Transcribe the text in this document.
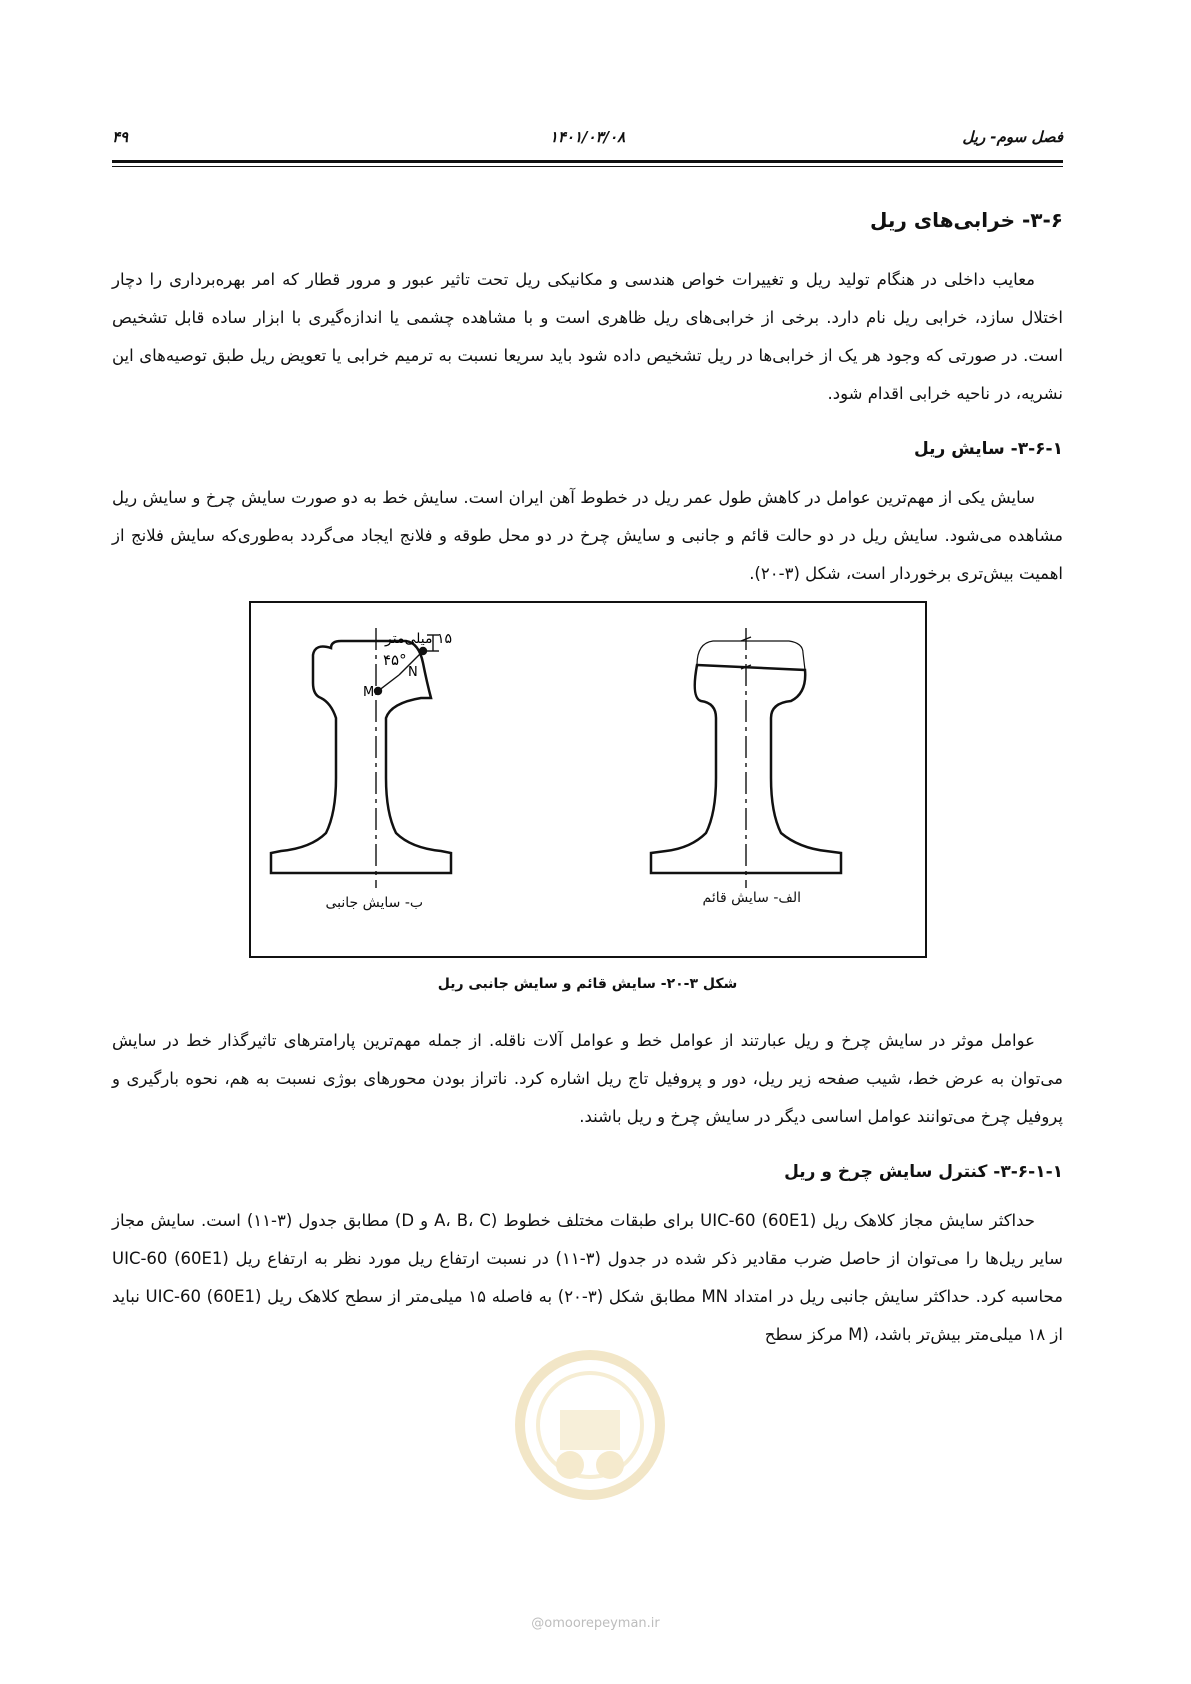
فصل سوم- ریل
۱۴۰۱/۰۳/۰۸
۴۹
۳-۶- خرابی‌های ریل

معایب داخلی در هنگام تولید ریل و تغییرات خواص هندسی و مکانیکی ریل تحت تاثیر عبور و مرور قطار که امر بهره‌برداری را دچار اختلال سازد، خرابی ریل نام دارد. برخی از خرابی‌های ریل ظاهری است و با مشاهده چشمی یا اندازه‌گیری با ابزار ساده قابل تشخیص است. در صورتی که وجود هر یک از خرابی‌ها در ریل تشخیص داده شود باید سریعا نسبت به ترمیم خرابی یا تعویض ریل طبق توصیه‌های این نشریه، در ناحیه خرابی اقدام شود.

۳-۶-۱- سایش ریل

سایش یکی از مهم‌ترین عوامل در کاهش طول عمر ریل در خطوط آهن ایران است. سایش خط به دو صورت سایش چرخ و سایش ریل مشاهده می‌شود. سایش ریل در دو حالت قائم و جانبی و سایش چرخ در دو محل طوقه و فلانج ایجاد می‌گردد به‌طوری‌که سایش فلانج از اهمیت بیش‌تری برخوردار است، شکل (۳-۲۰).

۱۵ میلی‌متر
۴۵°
N
M
ب- سایش جانبی	الف- سایش قائم
شکل ۳-۲۰- سایش قائم و سایش جانبی ریل

عوامل موثر در سایش چرخ و ریل عبارتند از عوامل خط و عوامل آلات ناقله. از جمله مهم‌ترین پارامترهای تاثیرگذار خط در سایش می‌توان به عرض خط، شیب صفحه زیر ریل، دور و پروفیل تاج ریل اشاره کرد. ناتراز بودن محورهای بوژی نسبت به هم، نحوه بارگیری و پروفیل چرخ می‌توانند عوامل اساسی دیگر در سایش چرخ و ریل باشند.

۳-۶-۱-۱- کنترل سایش چرخ و ریل

حداکثر سایش مجاز کلاهک ریل UIC-60 (60E1) برای طبقات مختلف خطوط (A، B، C و D) مطابق جدول (۳-۱۱) است. سایش مجاز سایر ریل‌ها را می‌توان از حاصل ضرب مقادیر ذکر شده در جدول (۳-۱۱) در نسبت ارتفاع ریل مورد نظر به ارتفاع ریل UIC-60 (60E1) محاسبه کرد. حداکثر سایش جانبی ریل در امتداد MN مطابق شکل (۳-۲۰) به فاصله ۱۵ میلی‌متر از سطح کلاهک ریل UIC-60 (60E1) نباید از ۱۸ میلی‌متر بیش‌تر باشد، (M مرکز سطح

@omoorepeyman.ir
